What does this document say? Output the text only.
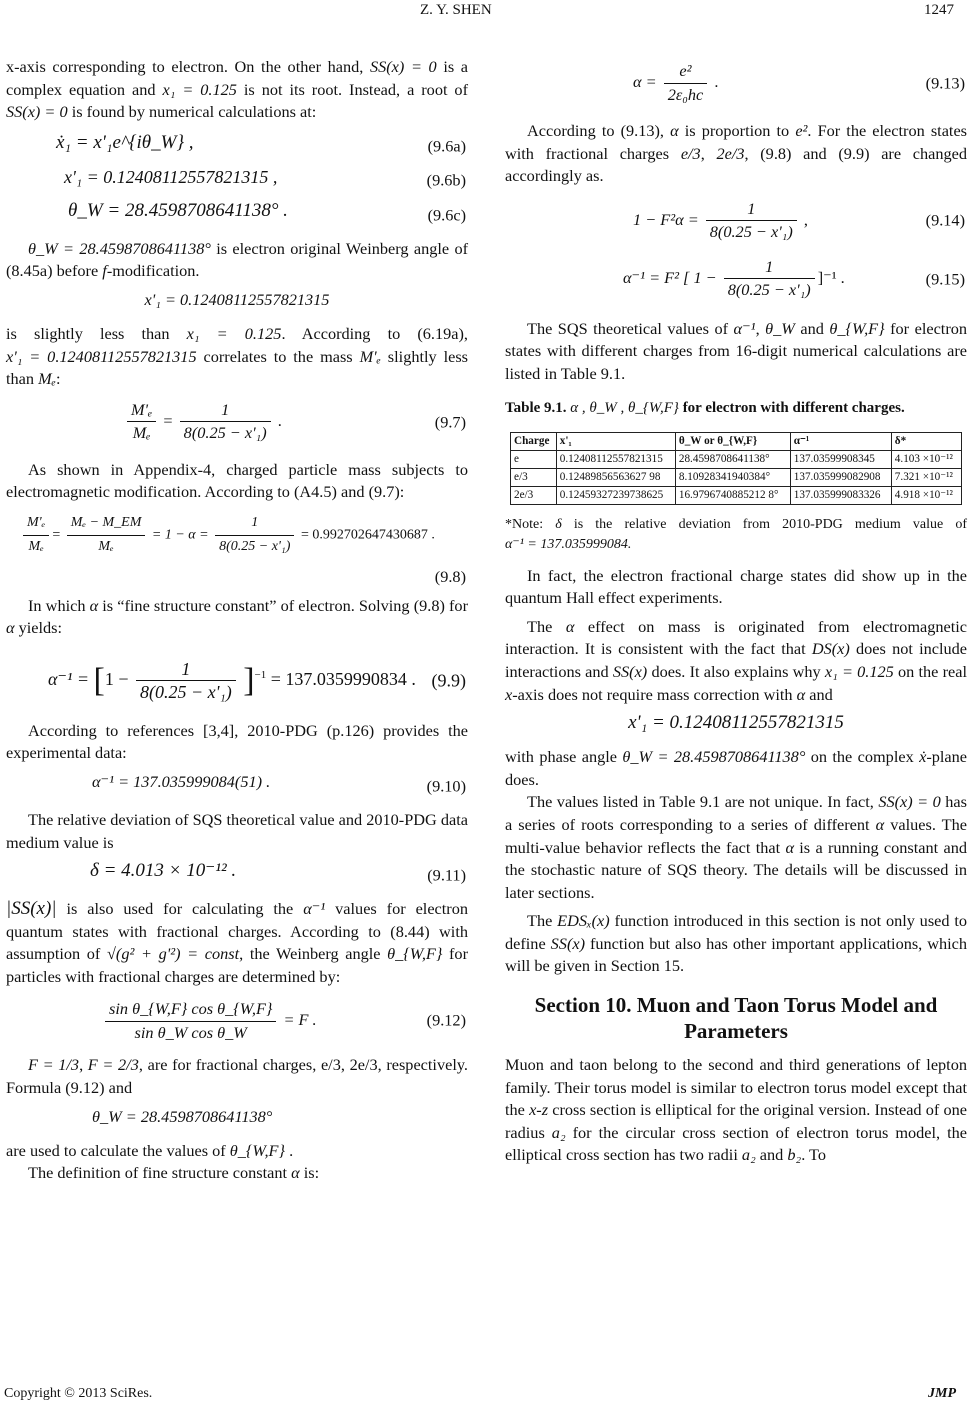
Z. Y. SHEN	1247

x-axis corresponding to electron. On the other hand, SS(x) = 0 is a complex equation and x₁ = 0.125 is not its root. Instead, a root of SS(x) = 0 is found by numerical calculations at:

ẋ₁ = x'₁e^{iθ_W} ,	(9.6a)
x'₁ = 0.12408112557821315 ,	(9.6b)
θ_W = 28.4598708641138° .	(9.6c)

θ_W = 28.4598708641138° is electron original Weinberg angle of (8.45a) before f-modification.

x'₁ = 0.12408112557821315

is slightly less than x₁ = 0.125. According to (6.19a), x'₁ = 0.12408112557821315 correlates to the mass M'ₑ slightly less than Mₑ:

$\frac{\text{M'ₑ}}{\text{Mₑ}} = \frac{1}{\text{8(0.25 − x'₁)}}$ .	(9.7)

As shown in Appendix-4, charged particle mass subjects to electromagnetic modification. According to (A4.5) and (9.7):

$\frac{\text{M'ₑ}}{\text{Mₑ}} = \frac{\text{Mₑ − M\_EM}}{\text{Mₑ}} = 1 - \alpha = \frac{1}{\text{8(0.25 − x'₁)}} = 0.992702647430687$ .
(9.8)

In which α is “fine structure constant” of electron. Solving (9.8) for α yields:

$\alpha^{-1} = [1 - \frac{1}{\text{8(0.25 − x'₁)}} ]^{-1} = 137.0359990834$ . (9.9)

According to references [3,4], 2010-PDG (p.126) provides the experimental data:

α⁻¹ = 137.035999084(51) .	(9.10)

The relative deviation of SQS theoretical value and 2010-PDG data medium value is

δ = 4.013 × 10⁻¹² .	(9.11)

|SS(x)| is also used for calculating the α⁻¹ values for electron quantum states with fractional charges. According to (8.44) with assumption of √(g² + g'²) = const, the Weinberg angle θ_{W,F} for particles with fractional charges are determined by:

$\frac{\text{sin θ\_\{W,F\} cos θ\_\{W,F\}}}{\text{sin θ\_W cos θ\_W}} = F$ .	(9.12)

F = 1/3, F = 2/3, are for fractional charges, e/3, 2e/3, respectively. Formula (9.12) and

θ_W = 28.4598708641138°

are used to calculate the values of θ_{W,F} .

The definition of fine structure constant α is:

$\alpha = \frac{\text{e²}}{\text{2ε₀hc}}$ .	(9.13)

According to (9.13), α is proportion to e². For the electron states with fractional charges e/3, 2e/3, (9.8) and (9.9) are changed accordingly as.

$1 - F^2\alpha = \frac{1}{\text{8(0.25 − x'₁)}}$ ,	(9.14)
α⁻¹ = F² [ $1 - \frac{1}{\text{8(0.25 − x'₁)}} ]^{-1}$ .	(9.15)

The SQS theoretical values of α⁻¹, θ_W and θ_{W,F} for electron states with different charges from 16-digit numerical calculations are listed in Table 9.1.

Table 9.1. α , θ_W , θ_{W,F} for electron with different charges.
Charge	x'₁	θ_W or θ_{W,F}	α⁻¹	δ*
e	0.12408112557821315	28.4598708641138°	137.03599908345	4.103 ×10⁻¹²
e/3	0.12489856563627 98	8.10928341940384°	137.035999082908	7.321 ×10⁻¹²
2e/3	0.12459327239738625	16.9796740885212 8°	137.035999083326	4.918 ×10⁻¹²
*Note: δ is the relative deviation from 2010-PDG medium value of α⁻¹ = 137.035999084.

In fact, the electron fractional charge states did show up in the quantum Hall effect experiments.

The α effect on mass is originated from electromagnetic interaction. It is consistent with the fact that DS(x) does not include interactions and SS(x) does. It also explains why x₁ = 0.125 on the real x-axis does not require mass correction with α and

x'₁ = 0.12408112557821315

with phase angle θ_W = 28.4598708641138° on the complex ẋ-plane does.

The values listed in Table 9.1 are not unique. In fact, SS(x) = 0 has a series of roots corresponding to a series of different α values. The multi-value behavior reflects the fact that α is a running constant and the stochastic nature of SQS theory. The details will be discussed in later sections.

The EDSₓ(x) function introduced in this section is not only used to define SS(x) function but also has other important applications, which will be given in Section 15.

Section 10. Muon and Taon Torus Model and Parameters

Muon and taon belong to the second and third generations of lepton family. Their torus model is similar to electron torus model except that the x-z cross section is elliptical for the original version. Instead of one radius a₂ for the circular cross section of electron torus model, the elliptical cross section has two radii a₂ and b₂. To

Copyright © 2013 SciRes.	JMP
